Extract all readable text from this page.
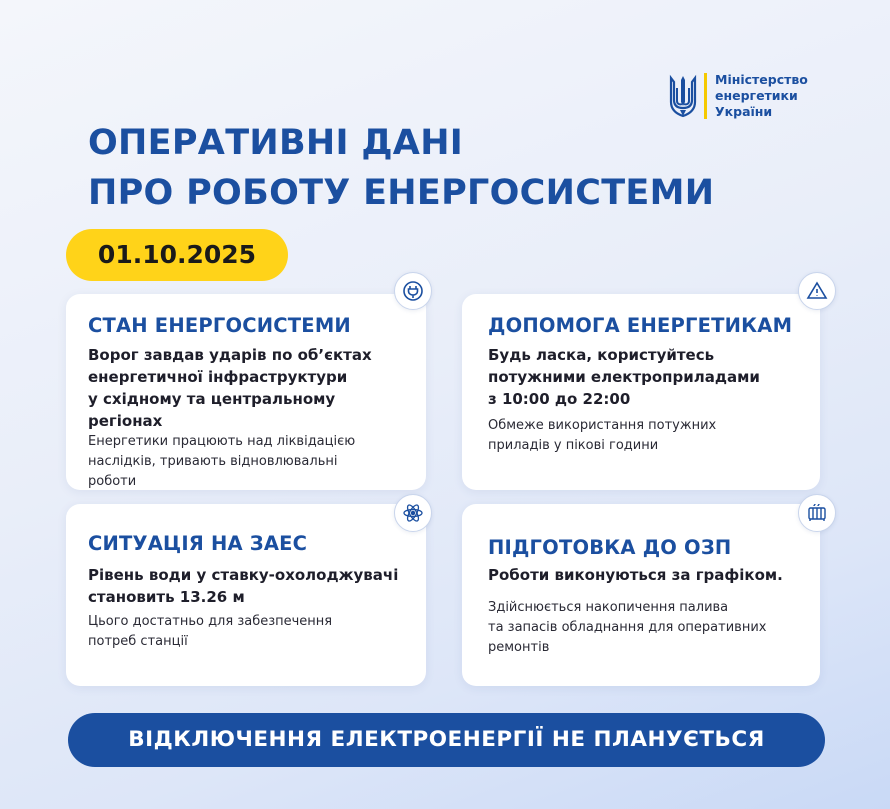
Міністерство
енергетики
України
ОПЕРАТИВНІ ДАНІ
ПРО РОБОТУ ЕНЕРГОСИСТЕМИ
01.10.2025
СТАН ЕНЕРГОСИСТЕМИ
Ворог завдав ударів по об’єктах
енергетичної інфраструктури
у східному та центральному
регіонах
Енергетики працюють над ліквідацією
наслідків, тривають відновлювальні
роботи
ДОПОМОГА ЕНЕРГЕТИКАМ
Будь ласка, користуйтесь
потужними електроприладами
з 10:00 до 22:00
Обмеже використання потужних
приладів у пікові години
СИТУАЦІЯ НА ЗАЕС
Рівень води у ставку-охолоджувачі
становить 13.26 м
Цього достатньо для забезпечення
потреб станції
ПІДГОТОВКА ДО ОЗП
Роботи виконуються за графіком.
Здійснюється накопичення палива
та запасів обладнання для оперативних
ремонтів
ВІДКЛЮЧЕННЯ ЕЛЕКТРОЕНЕРГІЇ НЕ ПЛАНУЄТЬСЯ
